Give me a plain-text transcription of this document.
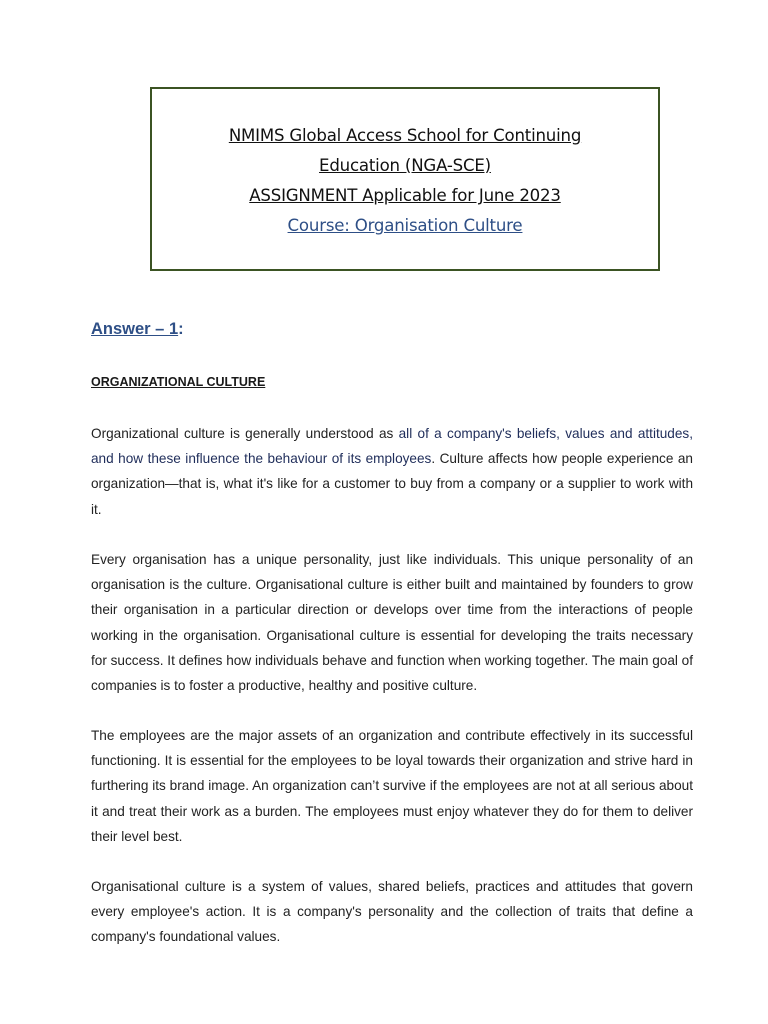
NMIMS Global Access School for Continuing
Education (NGA-SCE)
ASSIGNMENT Applicable for June 2023
Course: Organisation Culture
Answer – 1:
ORGANIZATIONAL CULTURE

Organizational culture is generally understood as all of a company's beliefs, values and attitudes, and how these influence the behaviour of its employees. Culture affects how people experience an organization—that is, what it's like for a customer to buy from a company or a supplier to work with it.

Every organisation has a unique personality, just like individuals. This unique personality of an organisation is the culture. Organisational culture is either built and maintained by founders to grow their organisation in a particular direction or develops over time from the interactions of people working in the organisation. Organisational culture is essential for developing the traits necessary for success. It defines how individuals behave and function when working together. The main goal of companies is to foster a productive, healthy and positive culture.

The employees are the major assets of an organization and contribute effectively in its successful functioning. It is essential for the employees to be loyal towards their organization and strive hard in furthering its brand image. An organization can’t survive if the employees are not at all serious about it and treat their work as a burden. The employees must enjoy whatever they do for them to deliver their level best.

Organisational culture is a system of values, shared beliefs, practices and attitudes that govern every employee's action. It is a company's personality and the collection of traits that define a company's foundational values.
